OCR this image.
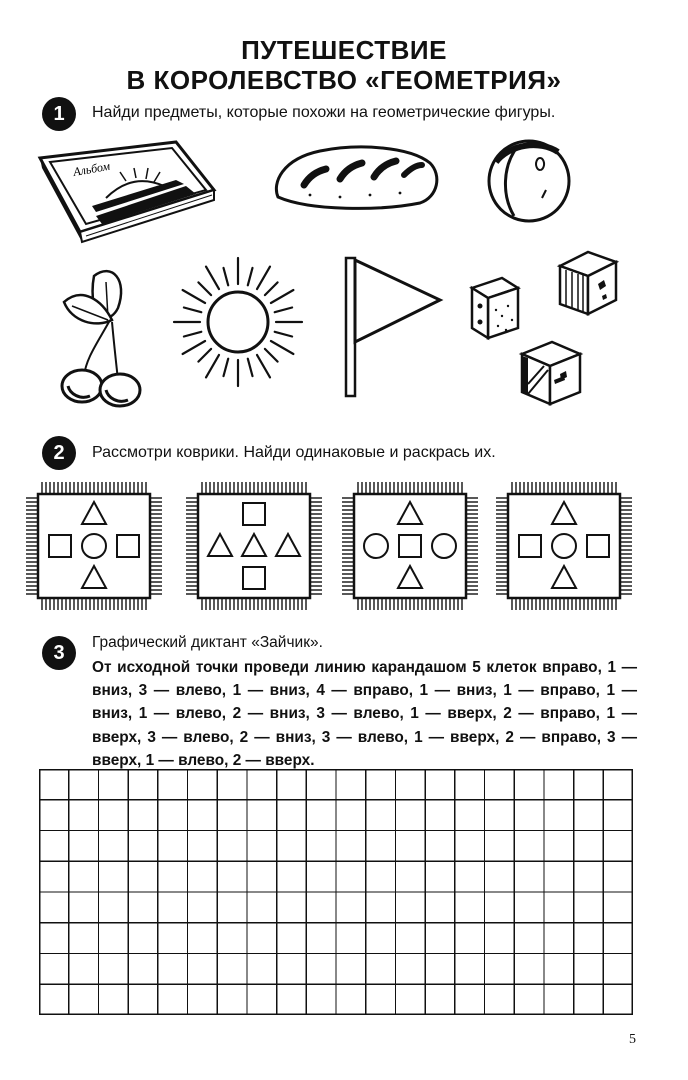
ПУТЕШЕСТВИЕ
В КОРОЛЕВСТВО «ГЕОМЕТРИЯ»
1	Найди предметы, которые похожи на геометрические фигуры.
Альбом
2	Рассмотри коврики. Найди одинаковые и раскрась их.
3	Графический диктант «Зайчик».
От исходной точки проведи линию карандашом 5 клеток вправо, 1 — вниз, 3 — влево, 1 — вниз, 4 — вправо, 1 — вниз, 1 — вправо, 1 — вниз, 1 — влево, 2 — вниз, 3 — влево, 1 — вверх, 2 — вправо, 1 — вверх, 3 — влево, 2 — вниз, 3 — влево, 1 — вверх, 2 — вправо, 3 — вверх, 1 — влево, 2 — вверх.
5
